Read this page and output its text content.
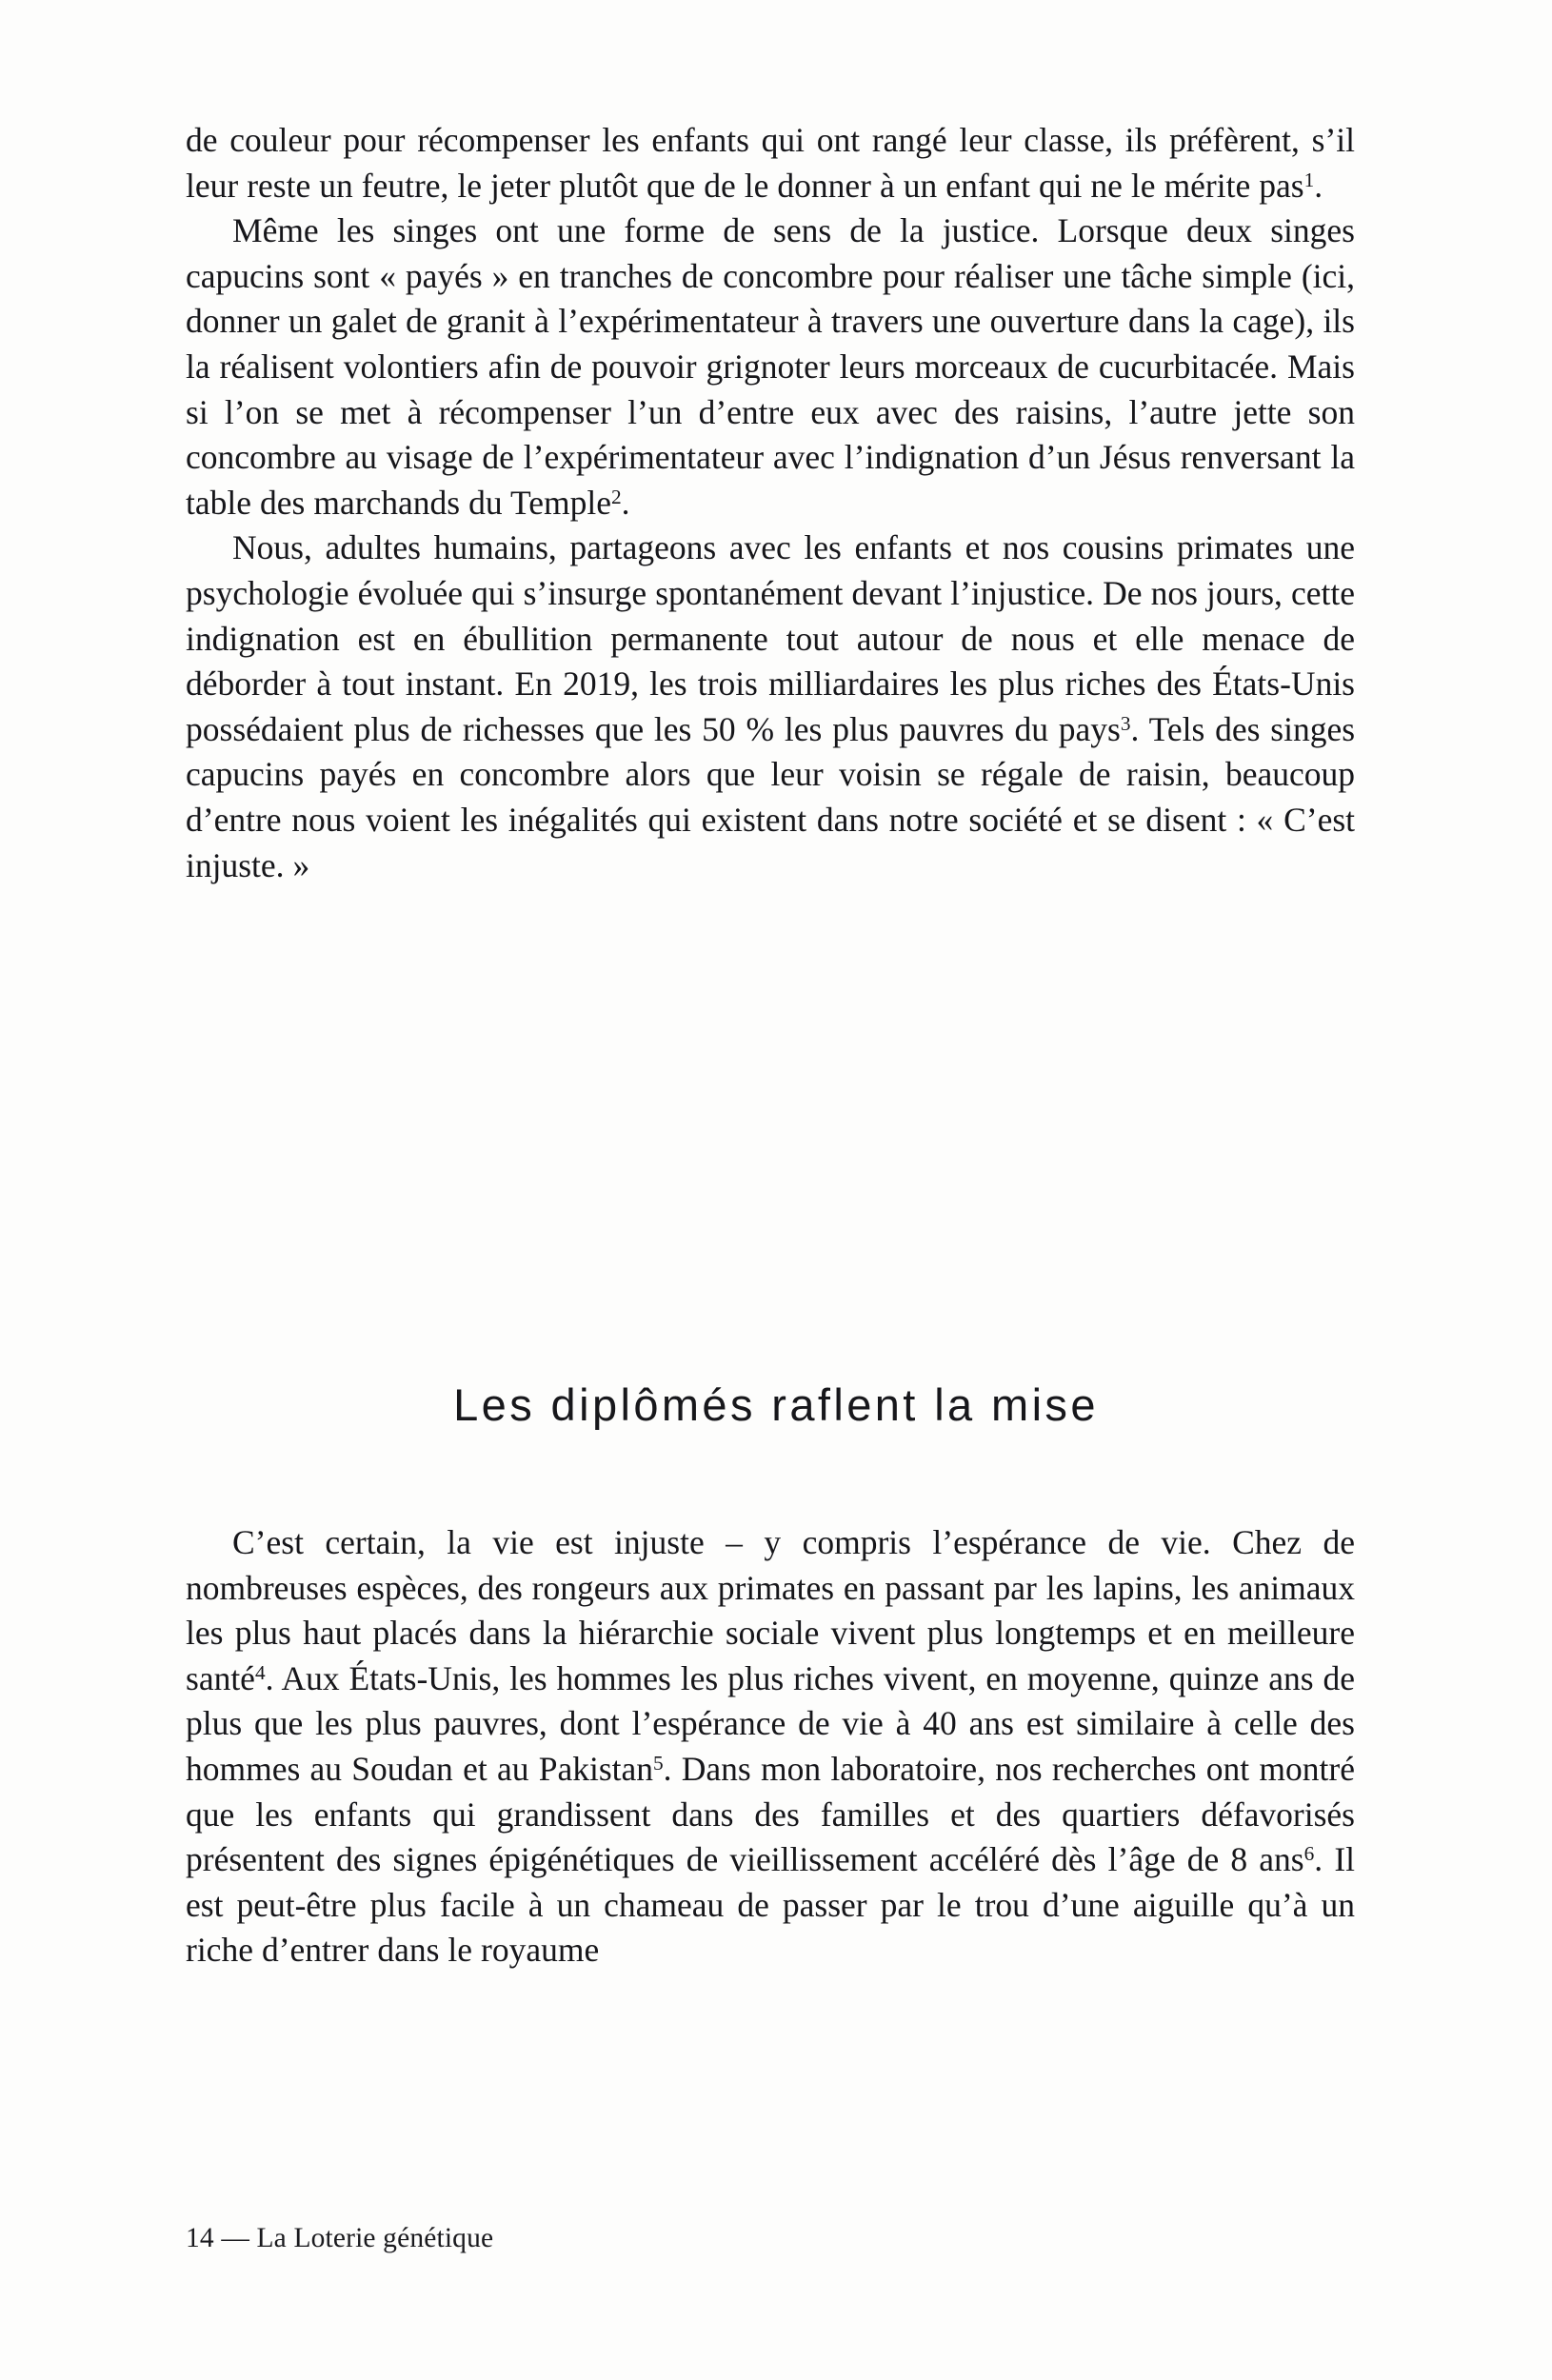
de couleur pour récompenser les enfants qui ont rangé leur classe, ils préfèrent, s’il leur reste un feutre, le jeter plutôt que de le donner à un enfant qui ne le mérite pas$^1$.

Même les singes ont une forme de sens de la justice. Lorsque deux singes capucins sont « payés » en tranches de concombre pour réaliser une tâche simple (ici, donner un galet de granit à l’expérimentateur à travers une ouverture dans la cage), ils la réalisent volontiers afin de pouvoir grignoter leurs morceaux de cucurbitacée. Mais si l’on se met à récompenser l’un d’entre eux avec des raisins, l’autre jette son concombre au visage de l’expérimentateur avec l’indignation d’un Jésus renversant la table des marchands du Temple$^2$.

Nous, adultes humains, partageons avec les enfants et nos cousins primates une psychologie évoluée qui s’insurge spontanément devant l’injustice. De nos jours, cette indignation est en ébullition permanente tout autour de nous et elle menace de déborder à tout instant. En 2019, les trois milliardaires les plus riches des États-Unis possédaient plus de richesses que les 50 % les plus pauvres du pays$^3$. Tels des singes capucins payés en concombre alors que leur voisin se régale de raisin, beaucoup d’entre nous voient les inégalités qui existent dans notre société et se disent : « C’est injuste. »

Les diplômés raflent la mise

C’est certain, la vie est injuste – y compris l’espérance de vie. Chez de nombreuses espèces, des rongeurs aux primates en passant par les lapins, les animaux les plus haut placés dans la hiérarchie sociale vivent plus longtemps et en meilleure santé$^4$. Aux États-Unis, les hommes les plus riches vivent, en moyenne, quinze ans de plus que les plus pauvres, dont l’espérance de vie à 40 ans est similaire à celle des hommes au Soudan et au Pakistan$^5$. Dans mon laboratoire, nos recherches ont montré que les enfants qui grandissent dans des familles et des quartiers défavorisés présentent des signes épigénétiques de vieillissement accéléré dès l’âge de 8 ans$^6$. Il est peut-être plus facile à un chameau de passer par le trou d’une aiguille qu’à un riche d’entrer dans le royaume

14 — La Loterie génétique
